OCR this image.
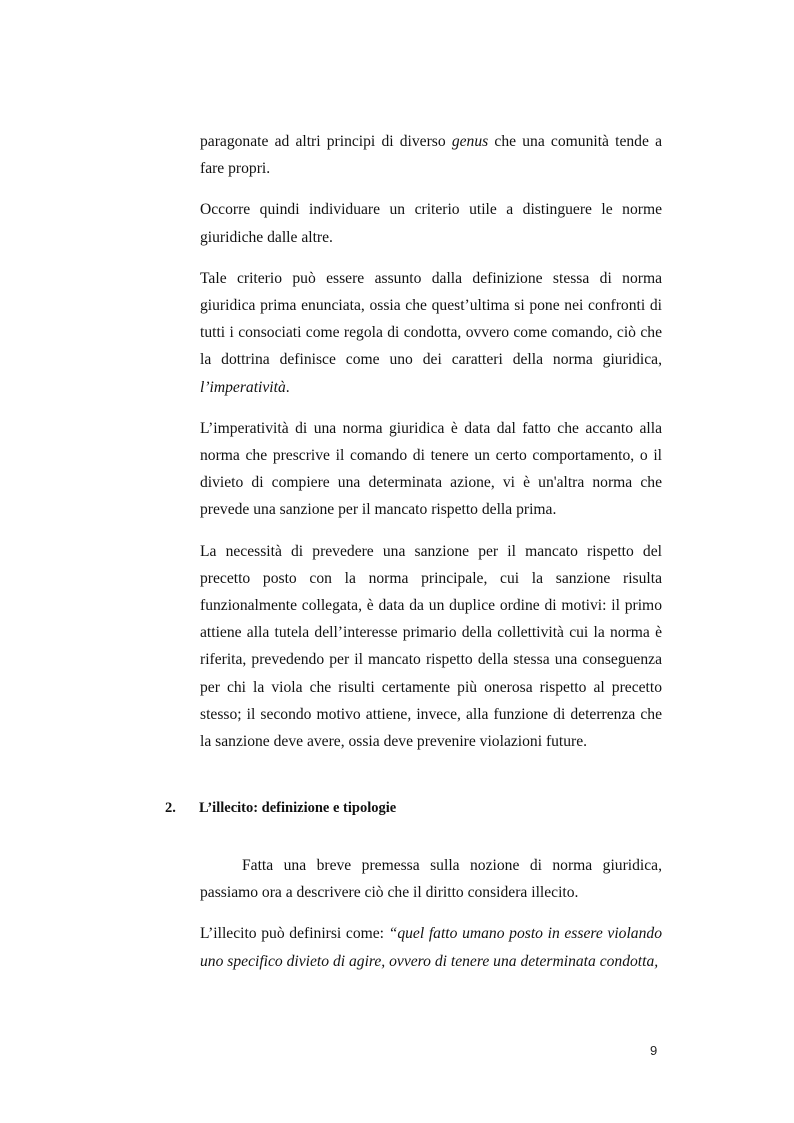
paragonate ad altri principi di diverso genus che una comunità tende a fare propri.

Occorre quindi individuare un criterio utile a distinguere le norme giuridiche dalle altre.

Tale criterio può essere assunto dalla definizione stessa di norma giuridica prima enunciata, ossia che quest’ultima si pone nei confronti di tutti i consociati come regola di condotta, ovvero come comando, ciò che la dottrina definisce come uno dei caratteri della norma giuridica, l’imperatività.

L’imperatività di una norma giuridica è data dal fatto che accanto alla norma che prescrive il comando di tenere un certo comportamento, o il divieto di compiere una determinata azione, vi è un'altra norma che prevede una sanzione per il mancato rispetto della prima.

La necessità di prevedere una sanzione per il mancato rispetto del precetto posto con la norma principale, cui la sanzione risulta funzionalmente collegata, è data da un duplice ordine di motivi: il primo attiene alla tutela dell’interesse primario della collettività cui la norma è riferita, prevedendo per il mancato rispetto della stessa una conseguenza per chi la viola che risulti certamente più onerosa rispetto al precetto stesso; il secondo motivo attiene, invece, alla funzione di deterrenza che la sanzione deve avere, ossia deve prevenire violazioni future.

2. L’illecito: definizione e tipologie

Fatta una breve premessa sulla nozione di norma giuridica, passiamo ora a descrivere ciò che il diritto considera illecito.

L’illecito può definirsi come: “quel fatto umano posto in essere violando uno specifico divieto di agire, ovvero di tenere una determinata condotta,

9
